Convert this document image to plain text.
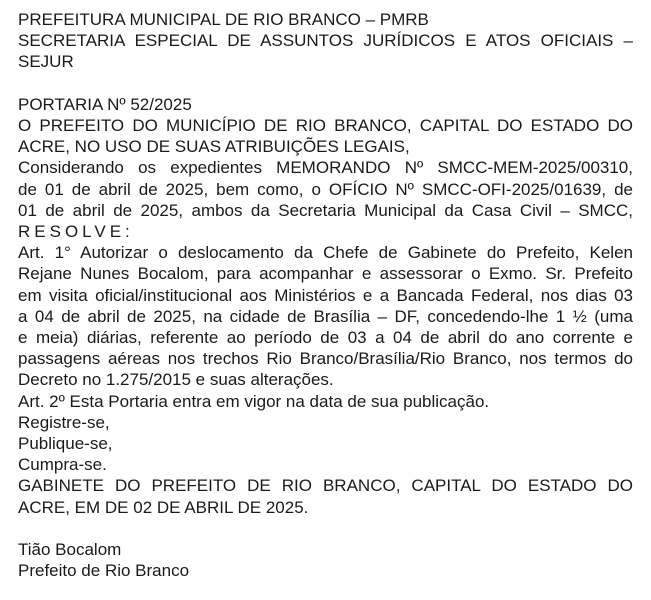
PREFEITURA MUNICIPAL DE RIO BRANCO – PMRB
SECRETARIA ESPECIAL DE ASSUNTOS JURÍDICOS E ATOS OFICIAIS –
SEJUR
PORTARIA Nº 52/2025
O PREFEITO DO MUNICÍPIO DE RIO BRANCO, CAPITAL DO ESTADO DO
ACRE, NO USO DE SUAS ATRIBUIÇÕES LEGAIS,
Considerando os expedientes MEMORANDO Nº SMCC-MEM-2025/00310,
de 01 de abril de 2025, bem como, o OFÍCIO Nº SMCC-OFI-2025/01639, de
01 de abril de 2025, ambos da Secretaria Municipal da Casa Civil – SMCC,
RESOLVE:
Art. 1° Autorizar o deslocamento da Chefe de Gabinete do Prefeito, Kelen
Rejane Nunes Bocalom, para acompanhar e assessorar o Exmo. Sr. Prefeito
em visita oficial/institucional aos Ministérios e a Bancada Federal, nos dias 03
a 04 de abril de 2025, na cidade de Brasília – DF, concedendo-lhe 1 ½ (uma
e meia) diárias, referente ao período de 03 a 04 de abril do ano corrente e
passagens aéreas nos trechos Rio Branco/Brasília/Rio Branco, nos termos do
Decreto no 1.275/2015 e suas alterações.
Art. 2º Esta Portaria entra em vigor na data de sua publicação.
Registre-se,
Publique-se,
Cumpra-se.
GABINETE DO PREFEITO DE RIO BRANCO, CAPITAL DO ESTADO DO
ACRE, EM DE 02 DE ABRIL DE 2025.
Tião Bocalom
Prefeito de Rio Branco
